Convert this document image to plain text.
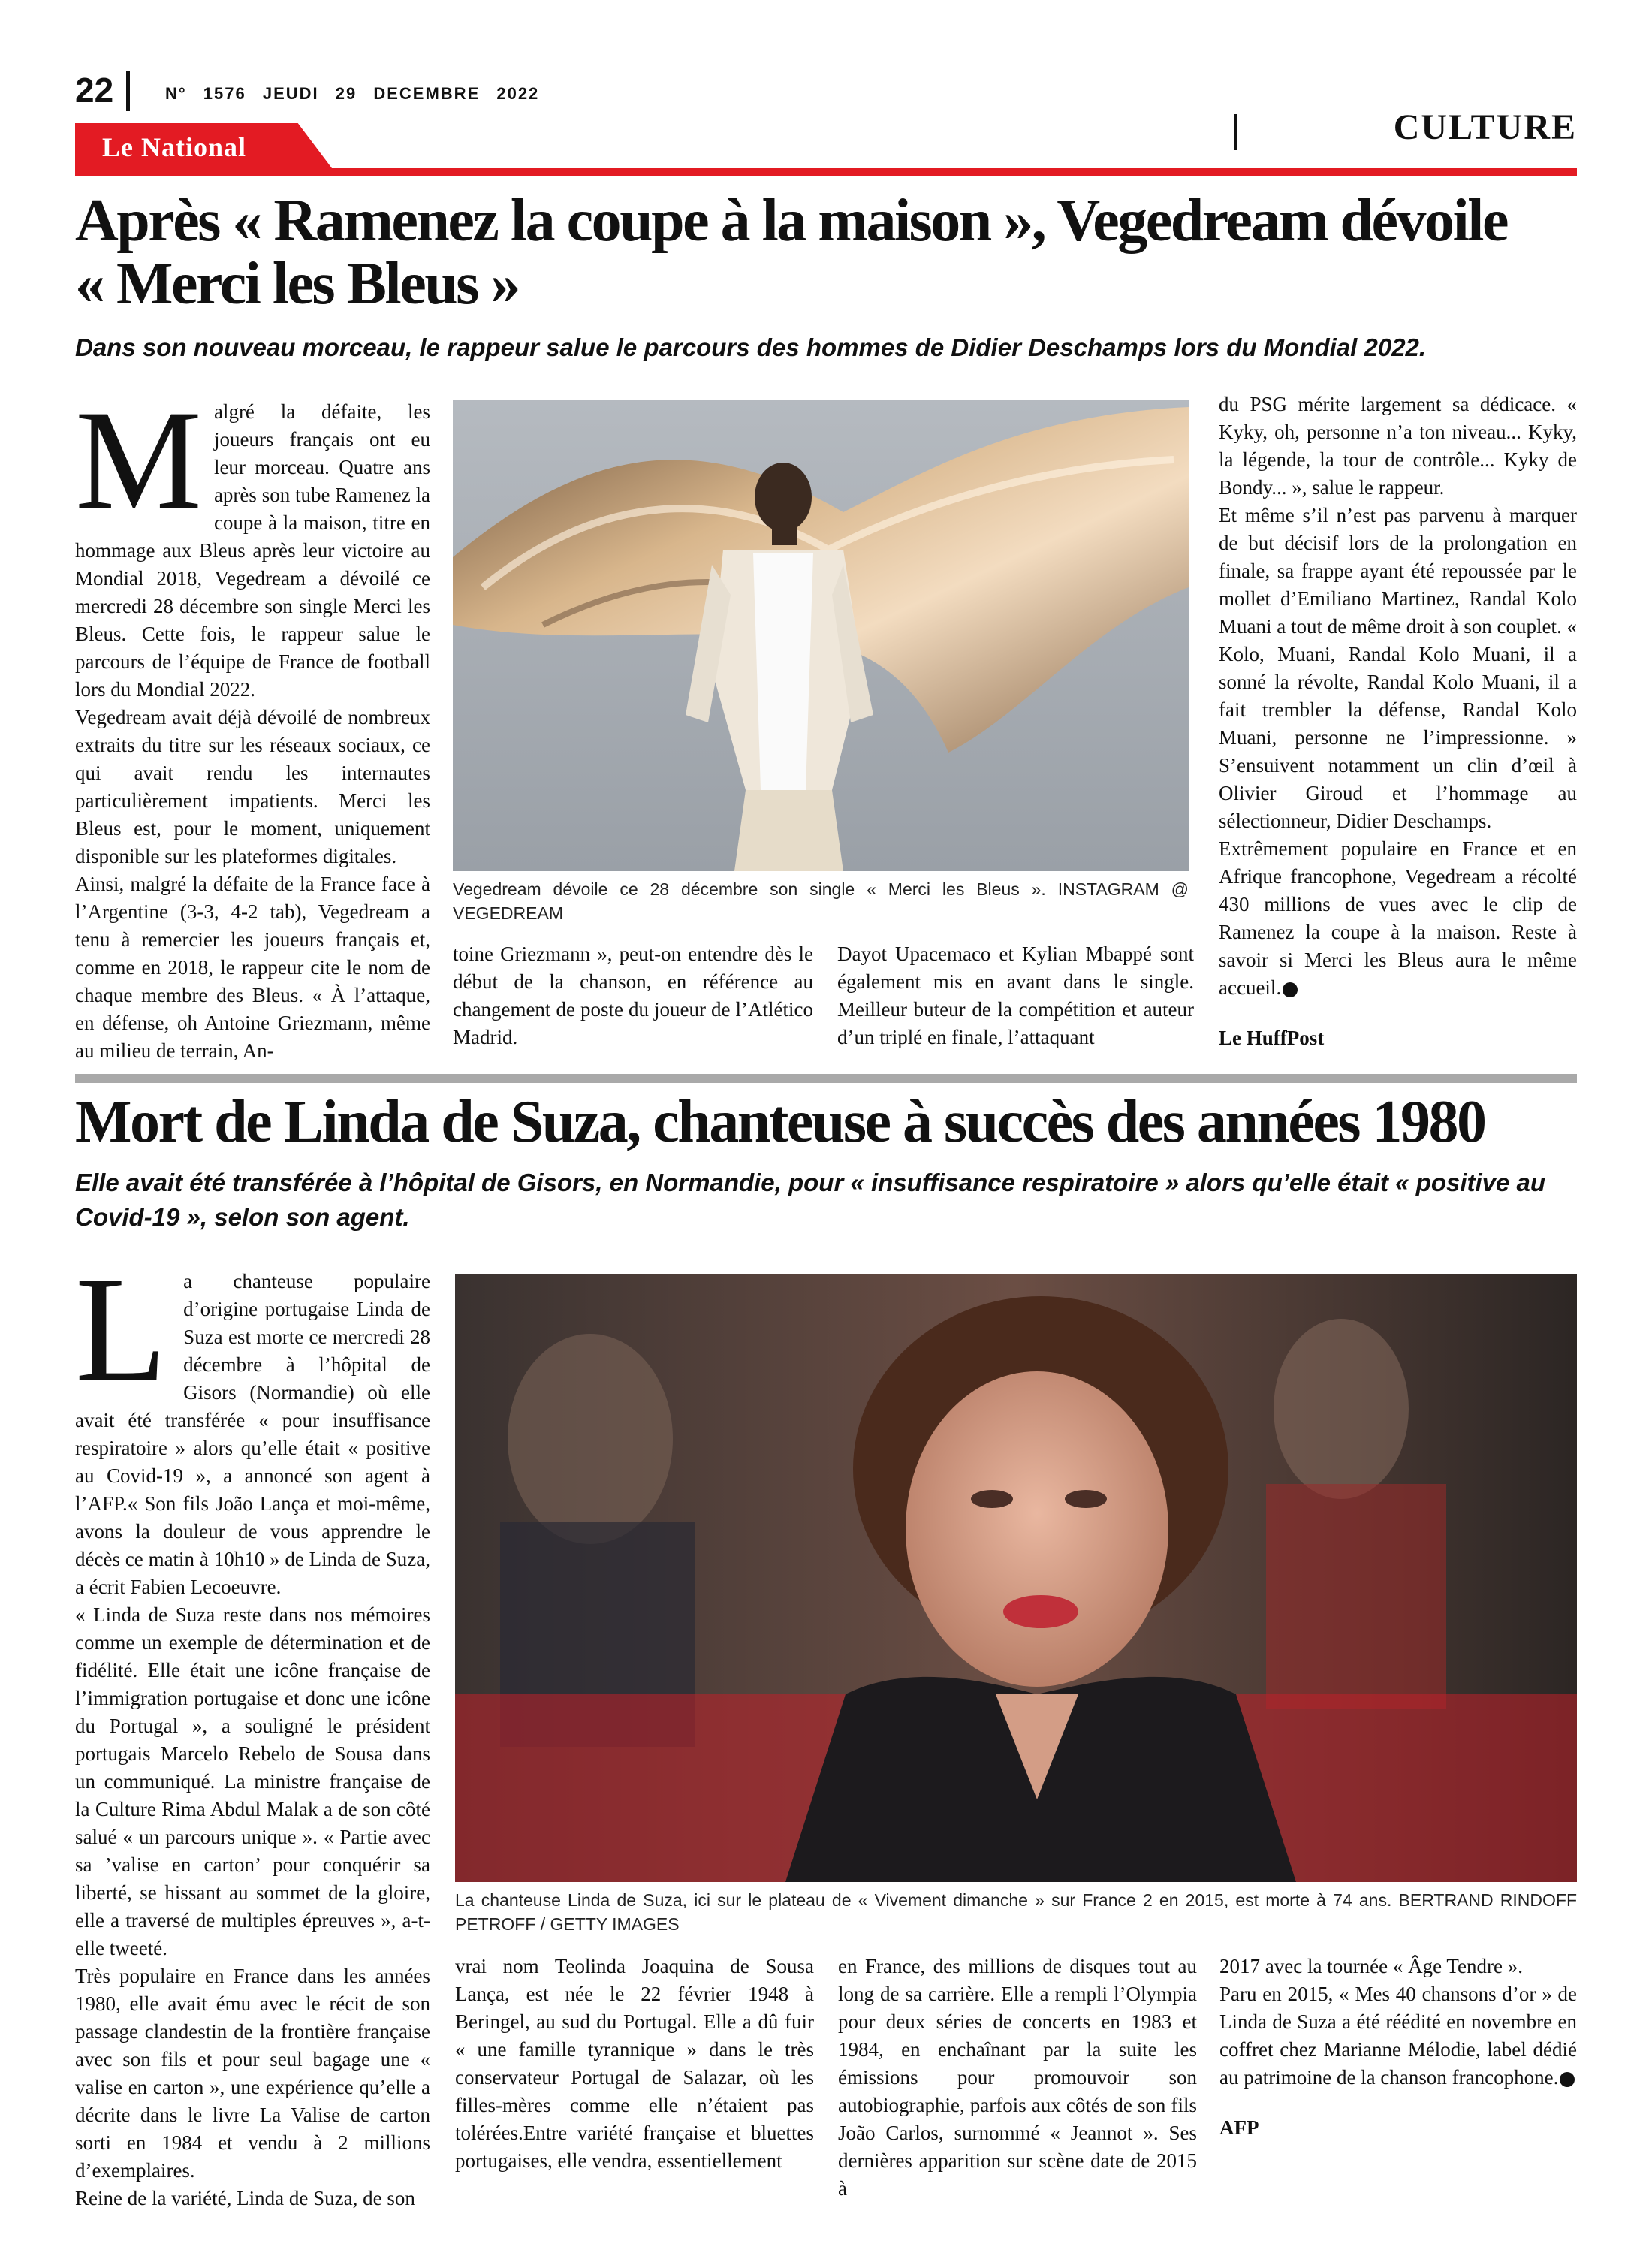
22	N° 1576 JEUDI 29 DECEMBRE 2022
CULTURE
Le National
Après « Ramenez la coupe à la maison », Vegedream dévoile
« Merci les Bleus »
Dans son nouveau morceau, le rappeur salue le parcours des hommes de Didier Deschamps lors du Mondial 2022.
M algré la défaite, les joueurs français ont eu leur morceau. Quatre ans après son tube Ramenez la coupe à la maison, titre en hommage aux Bleus après leur victoire au Mondial 2018, Vegedream a dévoilé ce mercredi 28 décembre son single Merci les Bleus. Cette fois, le rappeur salue le parcours de l’équipe de France de football lors du Mondial 2022.

Vegedream avait déjà dévoilé de nombreux extraits du titre sur les réseaux sociaux, ce qui avait rendu les internautes particulièrement impatients. Merci les Bleus est, pour le moment, uniquement disponible sur les plateformes digitales.

Ainsi, malgré la défaite de la France face à l’Argentine (3-3, 4-2 tab), Vegedream a tenu à remercier les joueurs français et, comme en 2018, le rappeur cite le nom de chaque membre des Bleus. « À l’attaque, en défense, oh Antoine Griezmann, même au milieu de terrain, An-

Vegedream dévoile ce 28 décembre son single « Merci les Bleus ». INSTAGRAM @ VEGEDREAM

toine Griezmann », peut-on entendre dès le début de la chanson, en référence au changement de poste du joueur de l’Atlético Madrid.

Dayot Upacemaco et Kylian Mbappé sont également mis en avant dans le single. Meilleur buteur de la compétition et auteur d’un triplé en finale, l’attaquant

du PSG mérite largement sa dédicace. « Kyky, oh, personne n’a ton niveau... Kyky, la légende, la tour de contrôle... Kyky de Bondy... », salue le rappeur.

Et même s’il n’est pas parvenu à marquer de but décisif lors de la prolongation en finale, sa frappe ayant été repoussée par le mollet d’Emiliano Martinez, Randal Kolo Muani a tout de même droit à son couplet. « Kolo, Muani, Randal Kolo Muani, il a sonné la révolte, Randal Kolo Muani, il a fait trembler la défense, Randal Kolo Muani, personne ne l’impressionne. » S’ensuivent notamment un clin d’œil à Olivier Giroud et l’hommage au sélectionneur, Didier Deschamps.

Extrêmement populaire en France et en Afrique francophone, Vegedream a récolté 430 millions de vues avec le clip de Ramenez la coupe à la maison. Reste à savoir si Merci les Bleus aura le même accueil.

Le HuffPost

Mort de Linda de Suza, chanteuse à succès des années 1980
Elle avait été transférée à l’hôpital de Gisors, en Normandie, pour « insuffisance respiratoire » alors qu’elle était « positive au Covid-19 », selon son agent.
L a chanteuse populaire d’origine portugaise Linda de Suza est morte ce mercredi 28 décembre à l’hôpital de Gisors (Normandie) où elle avait été transférée « pour insuffisance respiratoire » alors qu’elle était « positive au Covid-19 », a annoncé son agent à l’AFP.« Son fils João Lança et moi-même, avons la douleur de vous apprendre le décès ce matin à 10h10 » de Linda de Suza, a écrit Fabien Lecoeuvre.

« Linda de Suza reste dans nos mémoires comme un exemple de détermination et de fidélité. Elle était une icône française de l’immigration portugaise et donc une icône du Portugal », a souligné le président portugais Marcelo Rebelo de Sousa dans un communiqué. La ministre française de la Culture Rima Abdul Malak a de son côté salué « un parcours unique ». « Partie avec sa ’valise en carton’ pour conquérir sa liberté, se hissant au sommet de la gloire, elle a traversé de multiples épreuves », a-t-elle tweeté.

Très populaire en France dans les années 1980, elle avait ému avec le récit de son passage clandestin de la frontière française avec son fils et pour seul bagage une « valise en carton », une expérience qu’elle a décrite dans le livre La Valise de carton sorti en 1984 et vendu à 2 millions d’exemplaires.

Reine de la variété, Linda de Suza, de son

La chanteuse Linda de Suza, ici sur le plateau de « Vivement dimanche » sur France 2 en 2015, est morte à 74 ans. BERTRAND RINDOFF PETROFF / GETTY IMAGES

vrai nom Teolinda Joaquina de Sousa Lança, est née le 22 février 1948 à Beringel, au sud du Portugal. Elle a dû fuir « une famille tyrannique » dans le très conservateur Portugal de Salazar, où les filles-mères comme elle n’étaient pas tolérées.Entre variété française et bluettes portugaises, elle vendra, essentiellement

en France, des millions de disques tout au long de sa carrière. Elle a rempli l’Olympia pour deux séries de concerts en 1983 et 1984, en enchaînant par la suite les émissions pour promouvoir son autobiographie, parfois aux côtés de son fils João Carlos, surnommé « Jeannot ». Ses dernières apparition sur scène date de 2015 à

2017 avec la tournée « Âge Tendre ».

Paru en 2015, « Mes 40 chansons d’or » de Linda de Suza a été réédité en novembre en coffret chez Marianne Mélodie, label dédié au patrimoine de la chanson francophone.

AFP
